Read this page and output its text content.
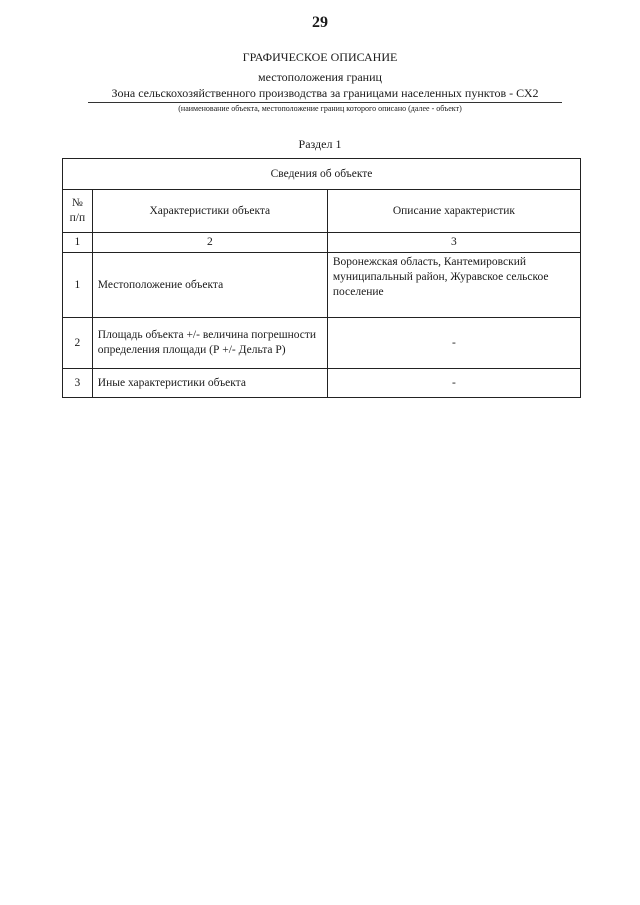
29
ГРАФИЧЕСКОЕ ОПИСАНИЕ
местоположения границ
Зона сельскохозяйственного производства за границами населенных пунктов - СХ2
(наименование объекта, местоположение границ которого описано (далее - объект)
Раздел 1
Сведения об объекте		
№ п/п	Характеристики объекта	Описание характеристик
1	2	3
1	Местоположение объекта	Воронежская область, Кантемировский муниципальный район, Журавское сельское поселение
2	Площадь объекта +/- величина погрешности определения площади (Р +/- Дельта Р)	-
3	Иные характеристики объекта	-
